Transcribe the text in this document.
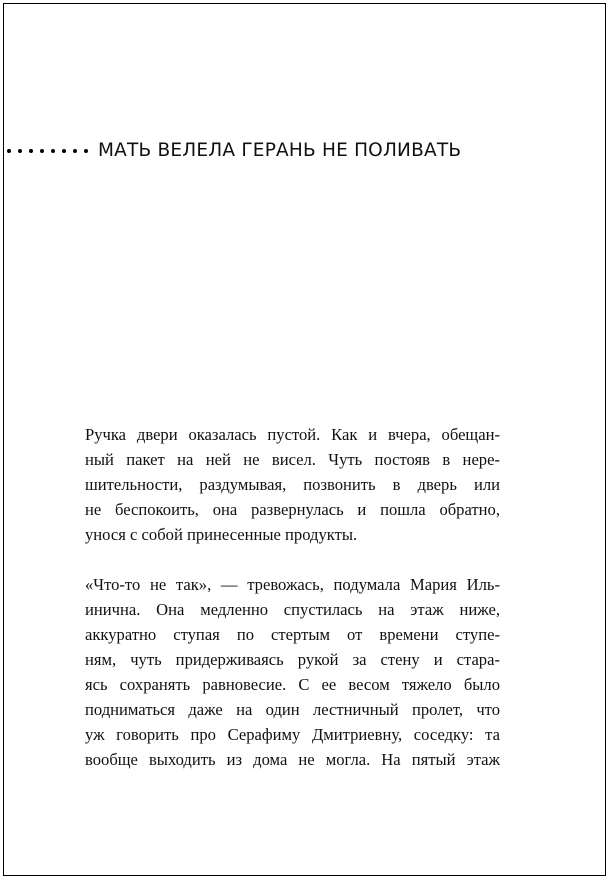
МАТЬ ВЕЛЕЛА ГЕРАНЬ НЕ ПОЛИВАТЬ
Ручка двери оказалась пустой. Как и вчера, обещан-
ный пакет на ней не висел. Чуть постояв в нере-
шительности, раздумывая, позвонить в дверь или
не беспокоить, она развернулась и пошла обратно,
унося с собой принесенные продукты.
«Что-то не так», — тревожась, подумала Мария Иль-
инична. Она медленно спустилась на этаж ниже,
аккуратно ступая по стертым от времени ступе-
ням, чуть придерживаясь рукой за стену и стара-
ясь сохранять равновесие. С ее весом тяжело было
подниматься даже на один лестничный пролет, что
уж говорить про Серафиму Дмитриевну, соседку: та
вообще выходить из дома не могла. На пятый этаж
